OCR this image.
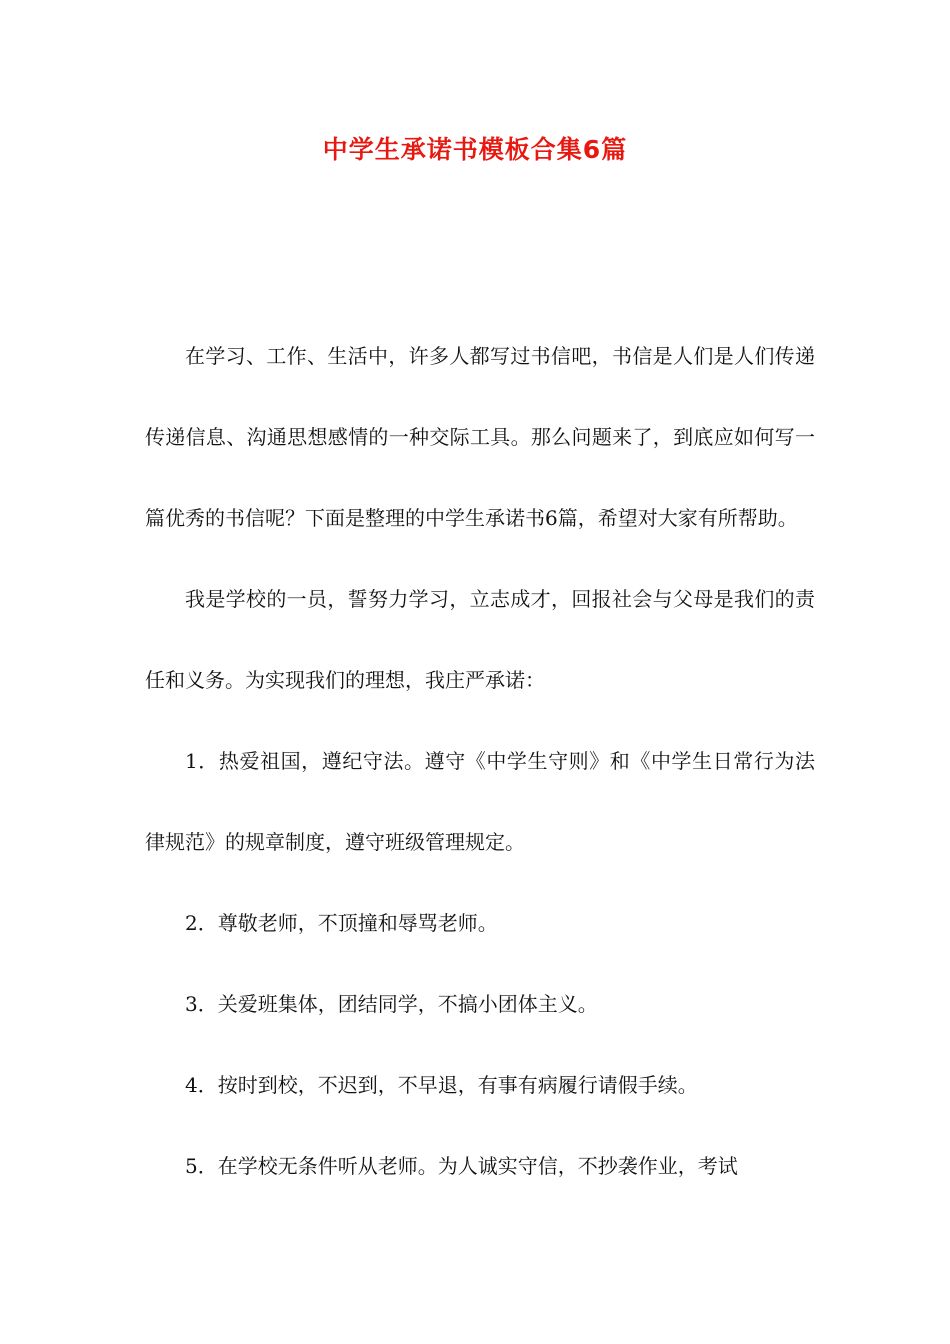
中学生承诺书模板合集6篇

在学习、工作、生活中，许多人都写过书信吧，书信是人们是人们传递传递信息、沟通思想感情的一种交际工具。那么问题来了，到底应如何写一篇优秀的书信呢？下面是整理的中学生承诺书6篇，希望对大家有所帮助。

我是学校的一员，誓努力学习，立志成才，回报社会与父母是我们的责任和义务。为实现我们的理想，我庄严承诺：

1．热爱祖国，遵纪守法。遵守《中学生守则》和《中学生日常行为法律规范》的规章制度，遵守班级管理规定。

2．尊敬老师，不顶撞和辱骂老师。

3．关爱班集体，团结同学，不搞小团体主义。

4．按时到校，不迟到，不早退，有事有病履行请假手续。

5．在学校无条件听从老师。为人诚实守信，不抄袭作业，考试
